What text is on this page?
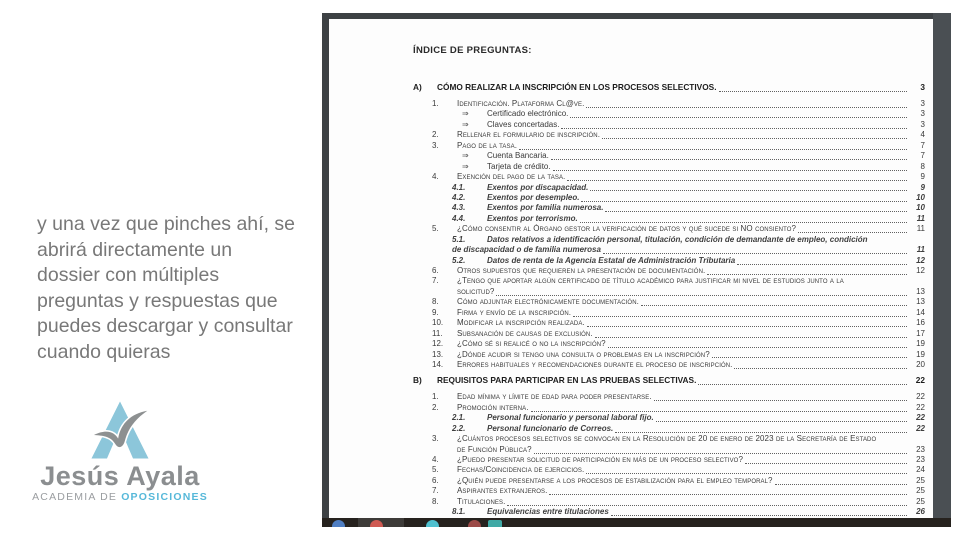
y una vez que pinches ahí, se
abrirá directamente un
dossier con múltiples
preguntas y respuestas que
puedes descargar y consultar
cuando quieras
Jesús Ayala
ACADEMIA DE OPOSICIONES
ÍNDICE DE PREGUNTAS:
A)	CÓMO REALIZAR LA INSCRIPCIÓN EN LOS PROCESOS SELECTIVOS.	3
1.	Identificación. Plataforma Cl@ve.	3
⇒	Certificado electrónico.	3
⇒	Claves concertadas.	3
2.	Rellenar el formulario de inscripción.	4
3.	Pago de la tasa.	7
⇒	Cuenta Bancaria.	7
⇒	Tarjeta de crédito.	8
4.	Exención del pago de la tasa.	9
4.1.	Exentos por discapacidad.	9
4.2.	Exentos por desempleo.	10
4.3.	Exentos por familia numerosa.	10
4.4.	Exentos por terrorismo.	11
5.	¿Cómo consentir al Órgano gestor la verificación de datos y qué sucede si NO consiento?	11
5.1.	Datos relativos a identificación personal, titulación, condición de demandante de empleo, condición
de discapacidad o de familia numerosa	11
5.2.	Datos de renta de la Agencia Estatal de Administración Tributaria	12
6.	Otros supuestos que requieren la presentación de documentación.	12
7.	¿Tengo que aportar algún certificado de título académico para justificar mi nivel de estudios junto a la
solicitud?	13
8.	Cómo adjuntar electrónicamente documentación.	13
9.	Firma y envío de la inscripción.	14
10.	Modificar la inscripción realizada.	16
11.	Subsanación de causas de exclusión.	17
12.	¿Cómo sé si realicé o no la inscripción?	19
13.	¿Dónde acudir si tengo una consulta o problemas en la inscripción?	19
14.	Errores habituales y recomendaciones durante el proceso de inscripción.	20
B)	REQUISITOS PARA PARTICIPAR EN LAS PRUEBAS SELECTIVAS.	22
1.	Edad mínima y límite de edad para poder presentarse.	22
2.	Promoción interna.	22
2.1.	Personal funcionario y personal laboral fijo.	22
2.2.	Personal funcionario de Correos.	22
3.	¿Cuántos procesos selectivos se convocan en la Resolución de 20 de enero de 2023 de la Secretaría de Estado
de Función Pública?	23
4.	¿Puedo presentar solicitud de participación en más de un proceso selectivo?	23
5.	Fechas/Coincidencia de ejercicios.	24
6.	¿Quién puede presentarse a los procesos de estabilización para el empleo temporal?	25
7.	Aspirantes extranjeros.	25
8.	Titulaciones.	25
8.1.	Equivalencias entre titulaciones	26
